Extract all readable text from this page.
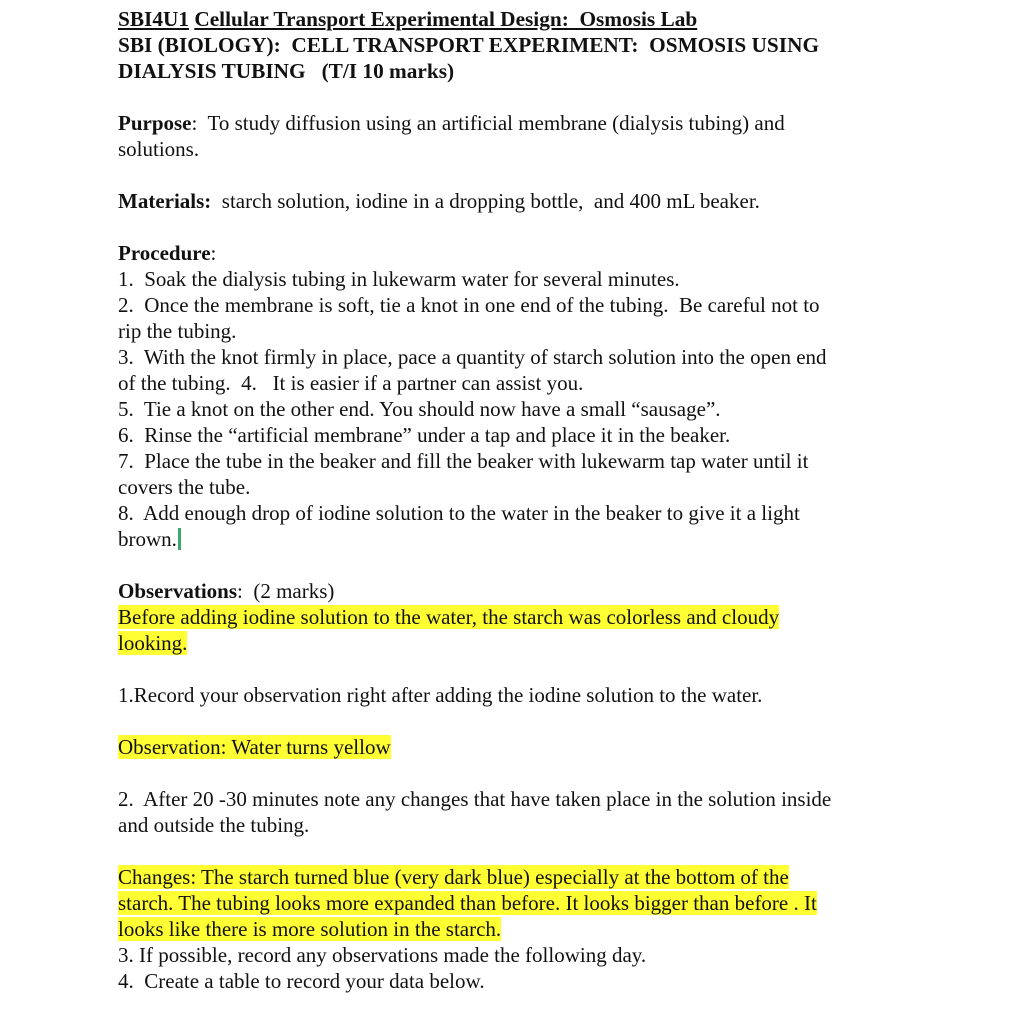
SBI4U1 Cellular Transport Experimental Design:  Osmosis Lab
SBI (BIOLOGY):  CELL TRANSPORT EXPERIMENT:  OSMOSIS USING
DIALYSIS TUBING   (T/I 10 marks)
Purpose:  To study diffusion using an artificial membrane (dialysis tubing) and
solutions.
Materials:  starch solution, iodine in a dropping bottle,  and 400 mL beaker.
Procedure:
1.  Soak the dialysis tubing in lukewarm water for several minutes.
2.  Once the membrane is soft, tie a knot in one end of the tubing.  Be careful not to
rip the tubing.
3.  With the knot firmly in place, pace a quantity of starch solution into the open end
of the tubing.  4.   It is easier if a partner can assist you.
5.  Tie a knot on the other end. You should now have a small “sausage”.
6.  Rinse the “artificial membrane” under a tap and place it in the beaker.
7.  Place the tube in the beaker and fill the beaker with lukewarm tap water until it
covers the tube.
8.  Add enough drop of iodine solution to the water in the beaker to give it a light
brown.
Observations:  (2 marks)
Before adding iodine solution to the water, the starch was colorless and cloudy
looking.
1.Record your observation right after adding the iodine solution to the water.
Observation: Water turns yellow
2.  After 20 -30 minutes note any changes that have taken place in the solution inside
and outside the tubing.
Changes: The starch turned blue (very dark blue) especially at the bottom of the
starch. The tubing looks more expanded than before. It looks bigger than before . It
looks like there is more solution in the starch.
3. If possible, record any observations made the following day.
4.  Create a table to record your data below.
